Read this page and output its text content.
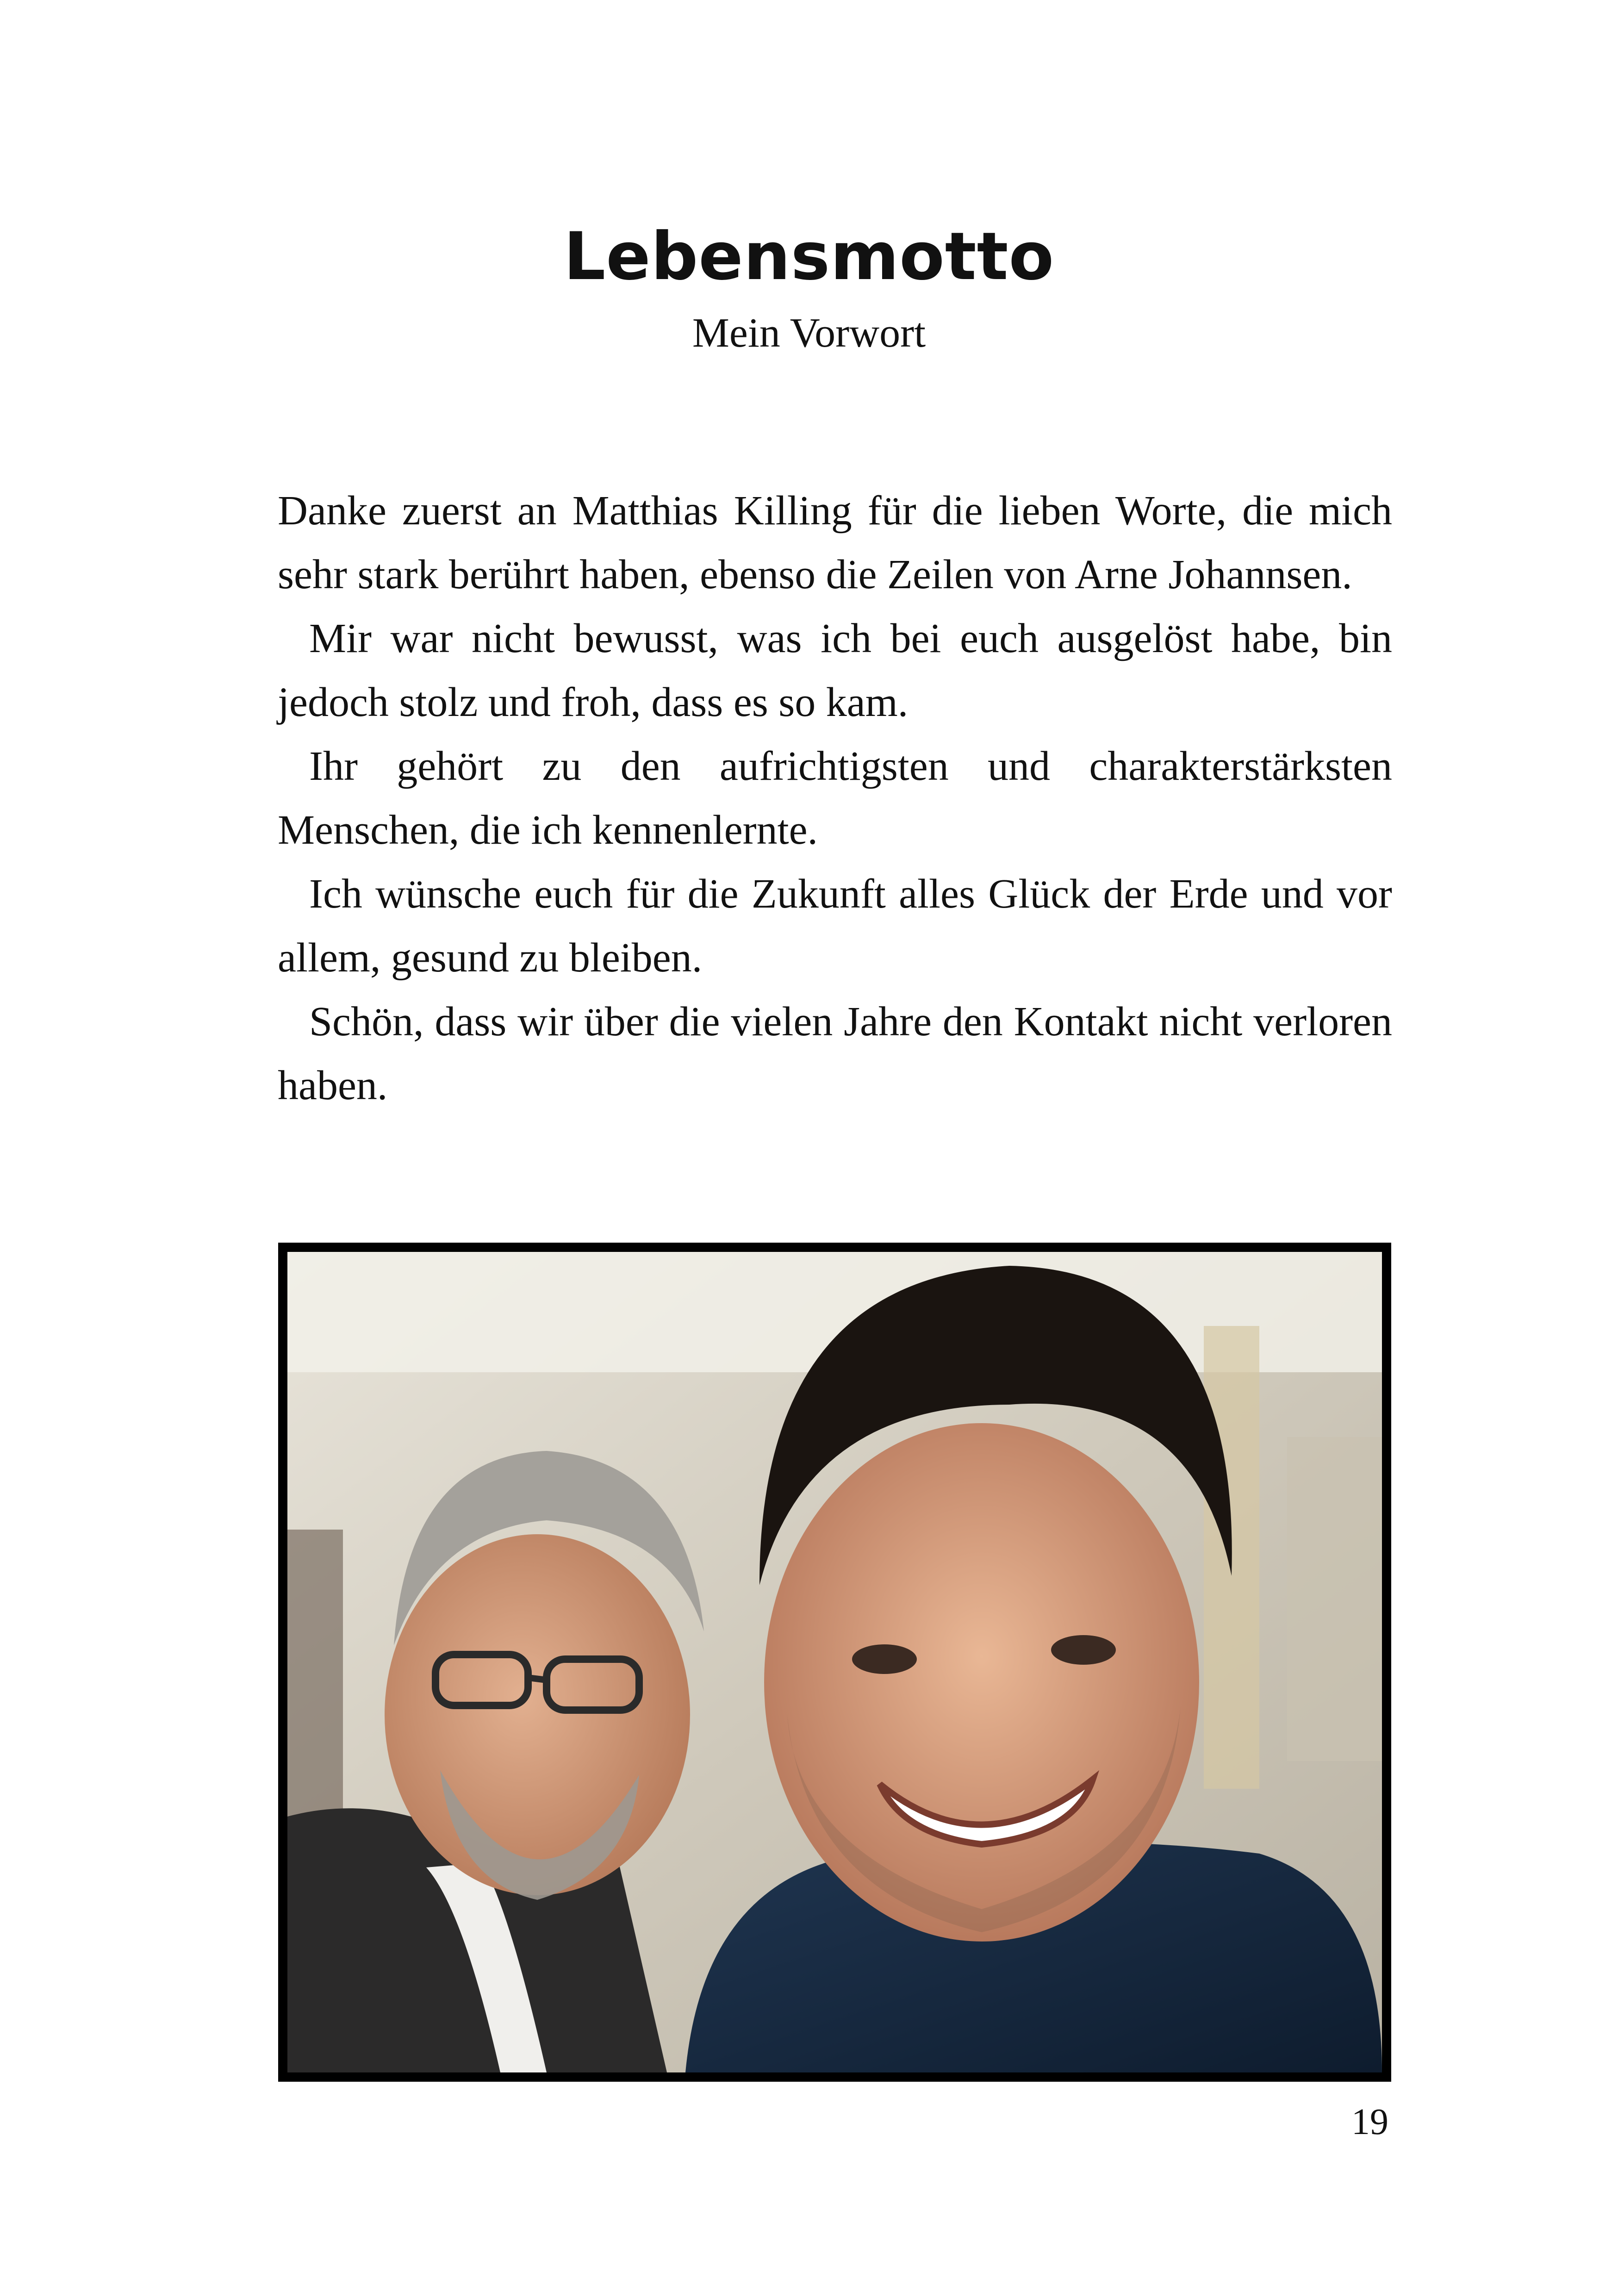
Lebensmotto
Mein Vorwort

Danke zuerst an Matthias Killing für die lieben Worte, die mich sehr stark berührt haben, ebenso die Zeilen von Arne Johannsen.

Mir war nicht bewusst, was ich bei euch ausgelöst habe, bin jedoch stolz und froh, dass es so kam.

Ihr gehört zu den aufrichtigsten und charakterstärksten Menschen, die ich kennenlernte.

Ich wünsche euch für die Zukunft alles Glück der Erde und vor allem, gesund zu bleiben.

Schön, dass wir über die vielen Jahre den Kontakt nicht verloren haben.

19
